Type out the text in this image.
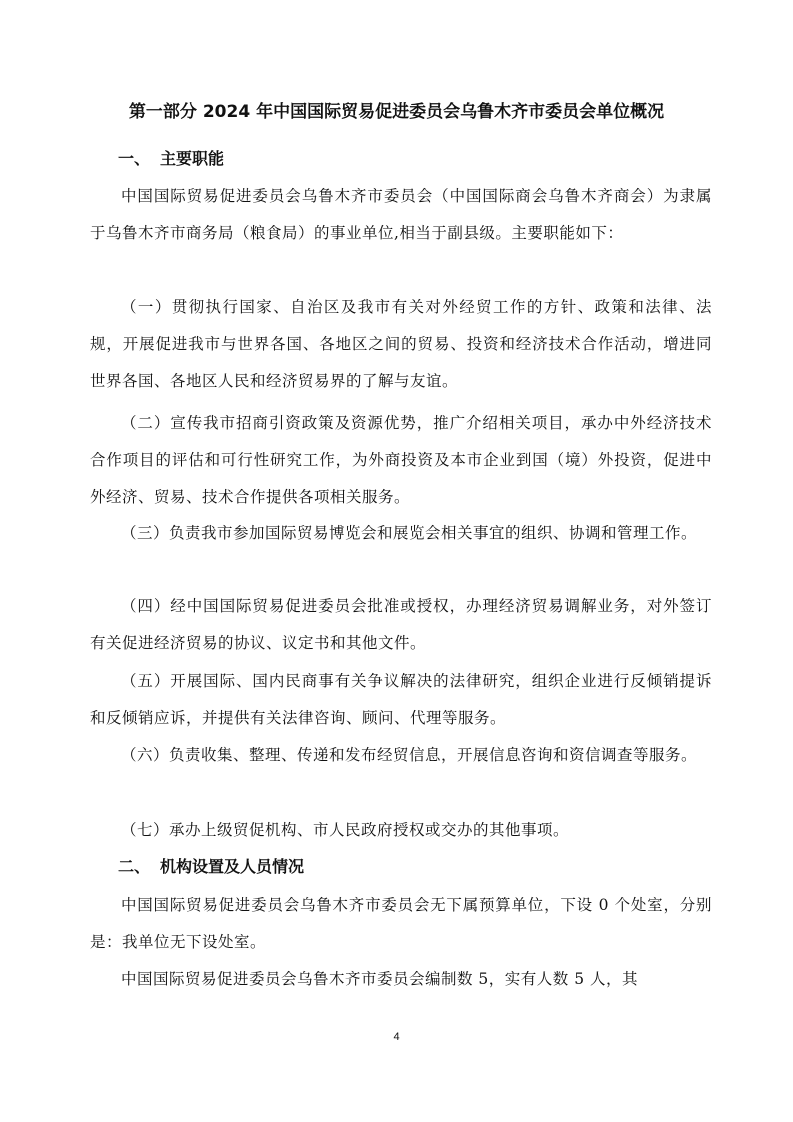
第一部分 2024 年中国国际贸易促进委员会乌鲁木齐市委员会单位概况
一、 主要职能

中国国际贸易促进委员会乌鲁木齐市委员会（中国国际商会乌鲁木齐商会）为隶属于乌鲁木齐市商务局（粮食局）的事业单位,相当于副县级。主要职能如下：

（一）贯彻执行国家、自治区及我市有关对外经贸工作的方针、政策和法律、法规，开展促进我市与世界各国、各地区之间的贸易、投资和经济技术合作活动，增进同世界各国、各地区人民和经济贸易界的了解与友谊。

（二）宣传我市招商引资政策及资源优势，推广介绍相关项目，承办中外经济技术合作项目的评估和可行性研究工作，为外商投资及本市企业到国（境）外投资，促进中外经济、贸易、技术合作提供各项相关服务。

（三）负责我市参加国际贸易博览会和展览会相关事宜的组织、协调和管理工作。

（四）经中国国际贸易促进委员会批准或授权，办理经济贸易调解业务，对外签订有关促进经济贸易的协议、议定书和其他文件。

（五）开展国际、国内民商事有关争议解决的法律研究，组织企业进行反倾销提诉和反倾销应诉，并提供有关法律咨询、顾问、代理等服务。

（六）负责收集、整理、传递和发布经贸信息，开展信息咨询和资信调查等服务。

（七）承办上级贸促机构、市人民政府授权或交办的其他事项。

二、 机构设置及人员情况

中国国际贸易促进委员会乌鲁木齐市委员会无下属预算单位，下设 0 个处室，分别是：我单位无下设处室。

中国国际贸易促进委员会乌鲁木齐市委员会编制数 5，实有人数 5 人，其

4
